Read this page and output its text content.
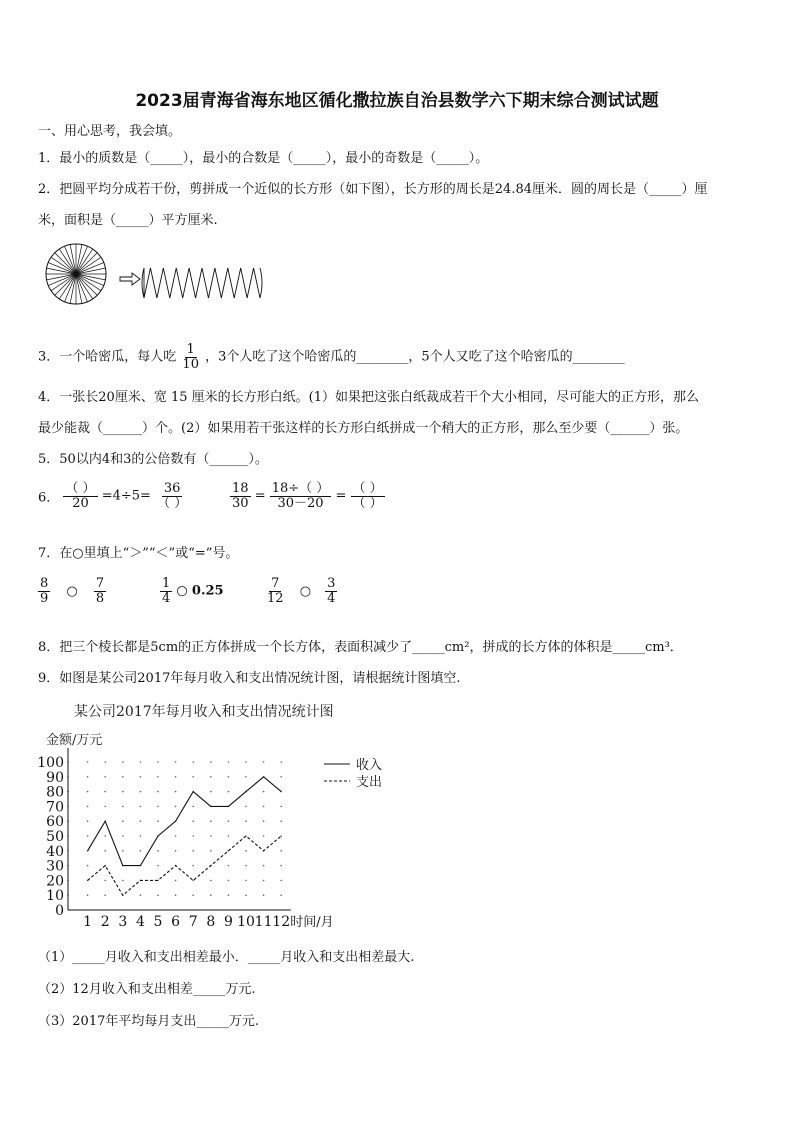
2023届青海省海东地区循化撒拉族自治县数学六下期末综合测试试题
一、用心思考，我会填。
1．最小的质数是（_____），最小的合数是（_____），最小的奇数是（_____）。
2．把圆平均分成若干份，剪拼成一个近似的长方形（如下图），长方形的周长是24.84厘米．圆的周长是（_____）厘
米，面积是（_____）平方厘米.
3．一个哈密瓜，每人吃 $\frac{1}{10}$ ，3个人吃了这个哈密瓜的________，5个人又吃了这个哈密瓜的________
4．一张长20厘米、宽 15 厘米的长方形白纸。(1）如果把这张白纸裁成若干个大小相同，尽可能大的正方形，那么
最少能裁（______）个。(2）如果用若干张这样的长方形白纸拼成一个稍大的正方形，那么至少要（______）张。
5．50以内4和3的公倍数有（______）。
6． $\frac{( )}{20} =4\div 5= \frac{36}{( )}$	$\frac{18}{30} = \frac{18\div( )}{30-20} = \frac{( )}{( )}$
7．在○里填上“＞”“＜”或“=”号。
$\frac{8}{9}$ ○ $\frac{7}{8}$	$\frac{1}{4}$ ○ 0.25	$\frac{7}{12}$ ○ $\frac{3}{4}$
8．把三个棱长都是5cm的正方体拼成一个长方体，表面积减少了_____cm²，拼成的长方体的体积是_____cm³．
9．如图是某公司2017年每月收入和支出情况统计图，请根据统计图填空.
某公司2017年每月收入和支出情况统计图
金额/万元
0
10
20
30
40
50
60
70
80
90
100
1 2 3 4 5 6 7 8 9 10 11 12 时间/月
收入
支出
（1）_____月收入和支出相差最小．_____月收入和支出相差最大.
（2）12月收入和支出相差_____万元.
（3）2017年平均每月支出_____万元.
